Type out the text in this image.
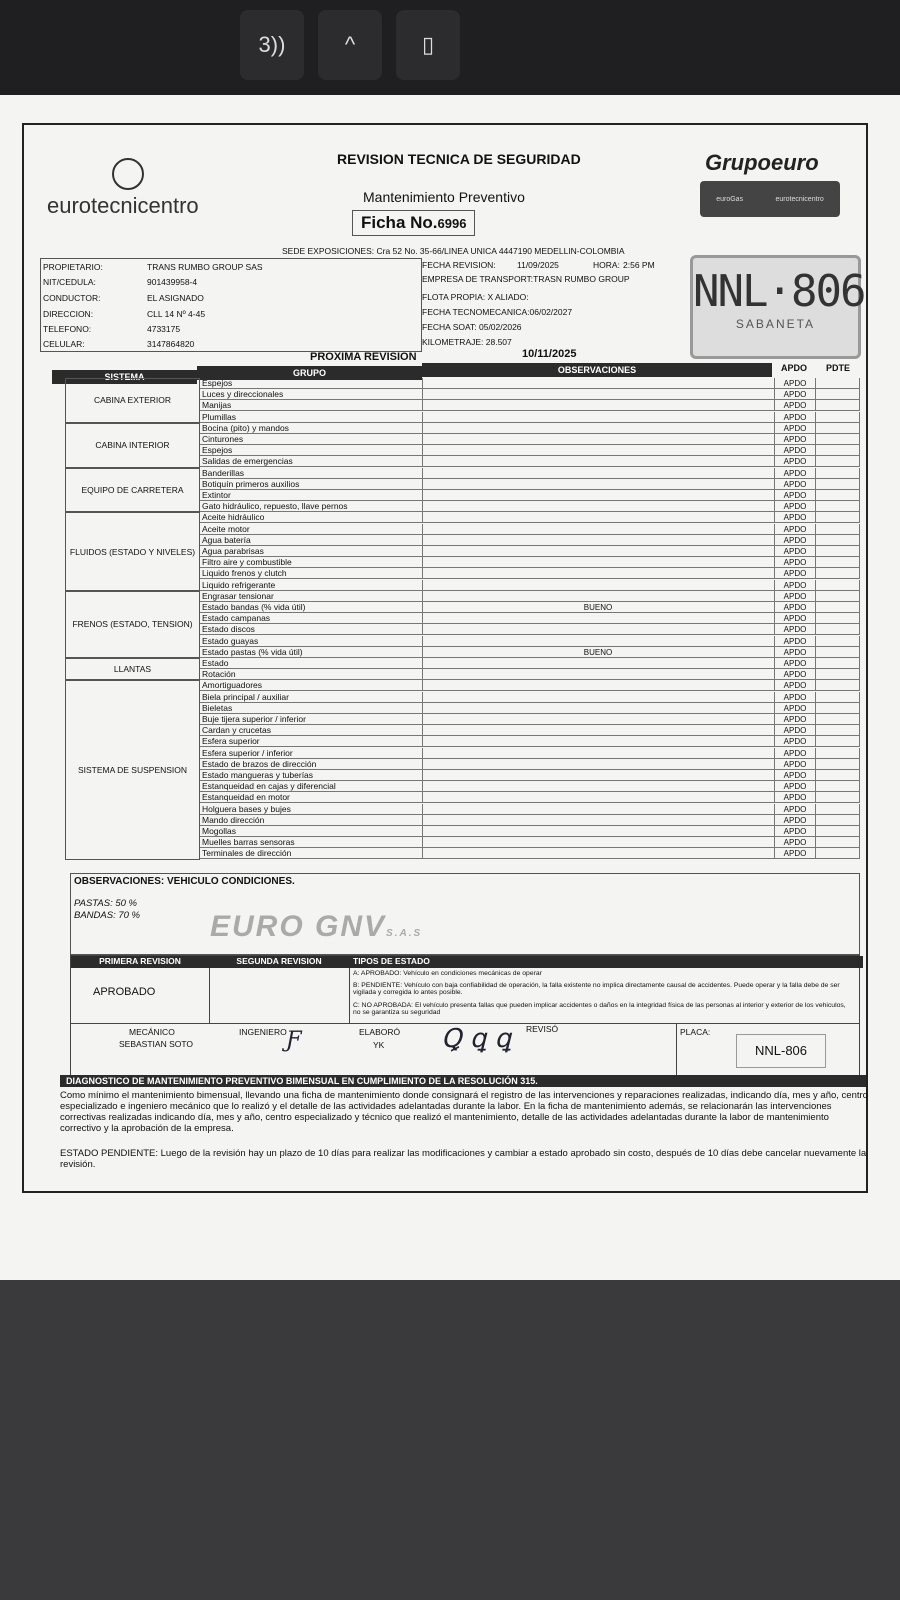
3))	^	▯
eurotecnicentro
REVISION TECNICA DE SEGURIDAD
Mantenimiento Preventivo
Ficha No.6996
Grupoeuro
euroGas	eurotecnicentro
SEDE EXPOSICIONES: Cra 52 No. 35-66/LINEA UNICA 4447190 MEDELLIN-COLOMBIA
PROPIETARIO:	TRANS RUMBO GROUP SAS
NIT/CEDULA:	901439958-4
CONDUCTOR:	EL ASIGNADO
DIRECCION:	CLL 14 Nº 4-45
TELEFONO:	4733175
CELULAR:	3147864820
FECHA REVISION:	11/09/2025	HORA: 2:56 PM
EMPRESA DE TRANSPORT:TRASN RUMBO GROUP
FLOTA PROPIA: X ALIADO:
FECHA TECNOMECANICA:06/02/2027
FECHA SOAT: 05/02/2026
KILOMETRAJE: 28.507
PROXIMA REVISION	10/11/2025
NNL·806
SABANETA
SISTEMA	GRUPO	OBSERVACIONES	APDO	PDTE
CABINA EXTERIOR
Espejos	APDO
Luces y direccionales	APDO
Manijas	APDO
Plumillas	APDO
CABINA INTERIOR
Bocina (pito) y mandos	APDO
Cinturones	APDO
Espejos	APDO
Salidas de emergencias	APDO
EQUIPO DE CARRETERA
Banderillas	APDO
Botiquín primeros auxilios	APDO
Extintor	APDO
Gato hidráulico, repuesto, llave pernos	APDO
FLUIDOS (ESTADO Y NIVELES)
Aceite hidráulico	APDO
Aceite motor	APDO
Agua batería	APDO
Agua parabrisas	APDO
Filtro aire y combustible	APDO
Liquido frenos y clutch	APDO
Liquido refrigerante	APDO
FRENOS (ESTADO, TENSION)
Engrasar tensionar	APDO
Estado bandas (% vida útil)	BUENO	APDO
Estado campanas	APDO
Estado discos	APDO
Estado guayas	APDO
Estado pastas (% vida útil)	BUENO	APDO
LLANTAS
Estado	APDO
Rotación	APDO
SISTEMA DE SUSPENSION
Amortiguadores	APDO
Biela principal / auxiliar	APDO
Bieletas	APDO
Buje tijera superior / inferior	APDO
Cardan y crucetas	APDO
Esfera superior	APDO
Esfera superior / inferior	APDO
Estado de brazos de dirección	APDO
Estado mangueras y tuberías	APDO
Estanqueidad en cajas y diferencial	APDO
Estanqueidad en motor	APDO
Holguera bases y bujes	APDO
Mando dirección	APDO
Mogollas	APDO
Muelles barras sensoras	APDO
Terminales de dirección	APDO
OBSERVACIONES: VEHICULO CONDICIONES.
PASTAS: 50 %
BANDAS: 70 % EURO GNVS.A.S
PRIMERA REVISION	SEGUNDA REVISION	TIPOS DE ESTADO
APROBADO
A: APROBADO: Vehículo en condiciones mecánicas de operar
B: PENDIENTE: Vehículo con baja confiabilidad de operación, la falla existente no implica directamente causal de accidentes. Puede operar y la falla debe de ser vigilada y corregida lo antes posible.
C: NO APROBADA: El vehículo presenta fallas que pueden implicar accidentes o daños en la integridad física de las personas al interior y exterior de los vehiculos, no se garantiza su seguridad
MECÁNICO
SEBASTIAN SOTO
INGENIERO Ƒ	ELABORÓ
YK Ꝗ ꝗ ꝗ REVISÓ	PLACA:
NNL-806
DIAGNOSTICO DE MANTENIMIENTO PREVENTIVO BIMENSUAL EN CUMPLIMIENTO DE LA RESOLUCIÓN 315.
Como mínimo el mantenimiento bimensual, llevando una ficha de mantenimiento donde consignará el registro de las intervenciones y reparaciones realizadas, indicando día, mes y año, centro especializado e ingeniero mecánico que lo realizó y el detalle de las actividades adelantadas durante la labor. En la ficha de mantenimiento además, se relacionarán las intervenciones correctivas realizadas indicando día, mes y año, centro especializado y técnico que realizó el mantenimiento, detalle de las actividades adelantadas durante la labor de mantenimiento correctivo y la aprobación de la empresa.
ESTADO PENDIENTE: Luego de la revisión hay un plazo de 10 días para realizar las modificaciones y cambiar a estado aprobado sin costo, después de 10 días debe cancelar nuevamente la revisión.
